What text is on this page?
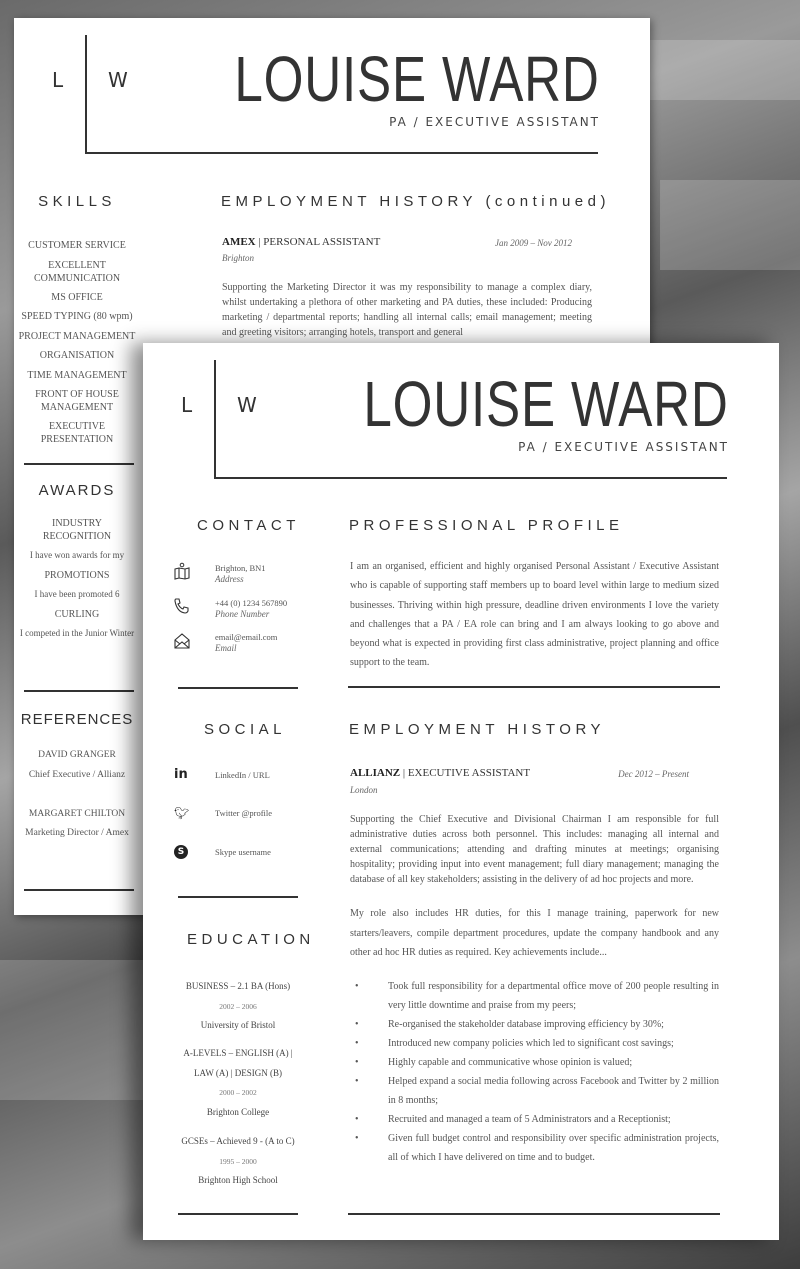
L W LOUISE WARD
PA / EXECUTIVE ASSISTANT
SKILLS
CUSTOMER SERVICE
EXCELLENT COMMUNICATION
MS OFFICE
SPEED TYPING (80 wpm)
PROJECT MANAGEMENT
ORGANISATION
TIME MANAGEMENT
FRONT OF HOUSE MANAGEMENT
EXECUTIVE PRESENTATION
AWARDS
INDUSTRY RECOGNITION
I have won awards for my
PROMOTIONS
I have been promoted 6
CURLING
I competed in the Junior Winter
REFERENCES
DAVID GRANGER
Chief Executive / Allianz
MARGARET CHILTON
Marketing Director / Amex
EMPLOYMENT HISTORY (continued)
AMEX | PERSONAL ASSISTANT	Jan 2009 – Nov 2012
Brighton
Supporting the Marketing Director it was my responsibility to manage a complex diary, whilst undertaking a plethora of other marketing and PA duties, these included: Producing marketing / departmental reports; handling all internal calls; email management; meeting and greeting visitors; arranging hotels, transport and general
L W LOUISE WARD
PA / EXECUTIVE ASSISTANT
CONTACT
Brighton, BN1
Address
+44 (0) 1234 567890
Phone Number
email@email.com
Email
SOCIAL
in	LinkedIn / URL
🐦︎	Twitter @profile
S	Skype username
EDUCATION
BUSINESS – 2.1 BA (Hons)
2002 – 2006
University of Bristol
A-LEVELS – ENGLISH (A) | LAW (A) | DESIGN (B)
2000 – 2002
Brighton College
GCSEs – Achieved 9 - (A to C)
1995 – 2000
Brighton High School
PROFESSIONAL PROFILE
I am an organised, efficient and highly organised Personal Assistant / Executive Assistant who is capable of supporting staff members up to board level within large to medium sized businesses. Thriving within high pressure, deadline driven environments I love the variety and challenges that a PA / EA role can bring and I am always looking to go above and beyond what is expected in providing first class administrative, project planning and office support to the team.
EMPLOYMENT HISTORY
ALLIANZ | EXECUTIVE ASSISTANT	Dec 2012 – Present
London
Supporting the Chief Executive and Divisional Chairman I am responsible for full administrative duties across both personnel. This includes: managing all internal and external communications; attending and drafting minutes at meetings; organising hospitality; providing input into event management; full diary management; managing the database of all key stakeholders; assisting in the delivery of ad hoc projects and more.
My role also includes HR duties, for this I manage training, paperwork for new starters/leavers, compile department procedures, update the company handbook and any other ad hoc HR duties as required. Key achievements include...
• Took full responsibility for a departmental office move of 200 people resulting in very little downtime and praise from my peers;
• Re-organised the stakeholder database improving efficiency by 30%;
• Introduced new company policies which led to significant cost savings;
• Highly capable and communicative whose opinion is valued;
• Helped expand a social media following across Facebook and Twitter by 2 million in 8 months;
• Recruited and managed a team of 5 Administrators and a Receptionist;
• Given full budget control and responsibility over specific administration projects, all of which I have delivered on time and to budget.
